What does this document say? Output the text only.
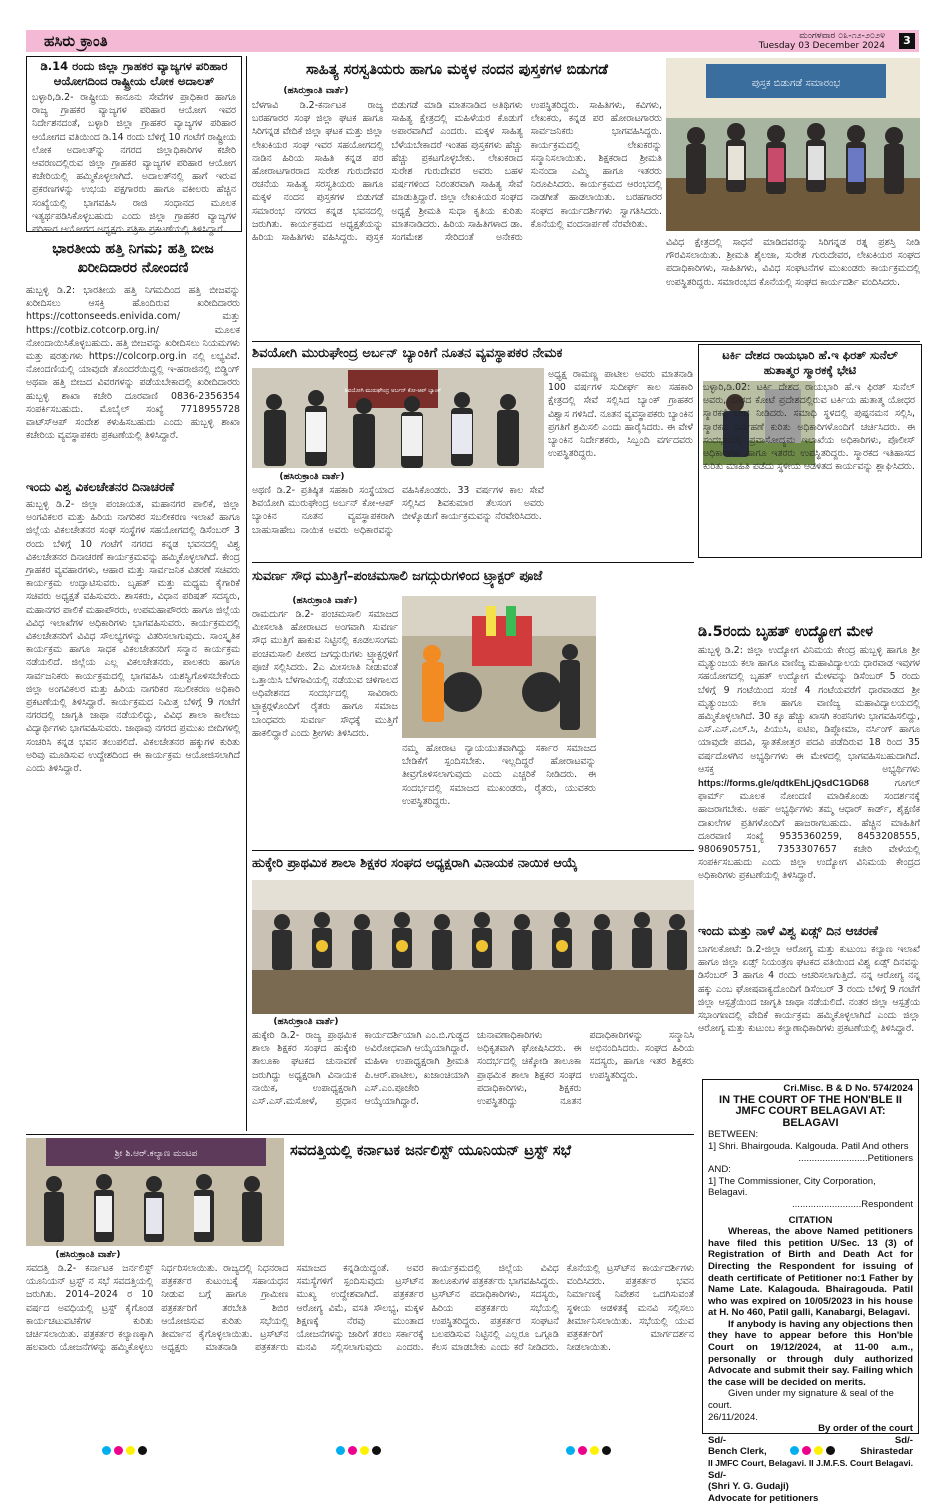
ಹಸಿರು ಕ್ರಾಂತಿ	ಮಂಗಳವಾರ ೦೩-೧೨-೨೦೨೪
Tuesday 03 December 2024	3
ಡಿ.14 ರಂದು ಜಿಲ್ಲಾ ಗ್ರಾಹಕರ ವ್ಯಾಜ್ಯಗಳ ಪರಿಹಾರ ಆಯೋಗದಿಂದ ರಾಷ್ಟ್ರೀಯ ಲೋಕ ಅದಾಲತ್
ಬಳ್ಳಾರಿ,ಡಿ.2- ರಾಷ್ಟ್ರೀಯ ಕಾನೂನು ಸೇವೆಗಳ ಪ್ರಾಧಿಕಾರ ಹಾಗೂ ರಾಜ್ಯ ಗ್ರಾಹಕರ ವ್ಯಾಜ್ಯಗಳ ಪರಿಹಾರ ಆಯೋಗ ಇವರ ನಿರ್ದೇಶನದಂತೆ, ಬಳ್ಳಾರಿ ಜಿಲ್ಲಾ ಗ್ರಾಹಕರ ವ್ಯಾಜ್ಯಗಳ ಪರಿಹಾರ ಆಯೋಗದ ವತಿಯಿಂದ ಡಿ.14 ರಂದು ಬೆಳಿಗ್ಗೆ 10 ಗಂಟೆಗೆ ರಾಷ್ಟ್ರೀಯ ಲೋಕ ಅದಾಲತ್‍ನ್ನು ನಗರದ ಜಿಲ್ಲಾಧಿಕಾರಿಗಳ ಕಚೇರಿ ಆವರಣದಲ್ಲಿರುವ ಜಿಲ್ಲಾ ಗ್ರಾಹಕರ ವ್ಯಾಜ್ಯಗಳ ಪರಿಹಾರ ಆಯೋಗ ಕಚೇರಿಯಲ್ಲಿ ಹಮ್ಮಿಕೊಳ್ಳಲಾಗಿದೆ. ಅದಾಲತ್‍ನಲ್ಲಿ ಹಾಗೆ ಇರುವ ಪ್ರಕರಣಗಳನ್ನು ಉಭಯ ಪಕ್ಷಗಾರರು ಹಾಗೂ ವಕೀಲರು ಹೆಚ್ಚಿನ ಸಂಖ್ಯೆಯಲ್ಲಿ ಭಾಗವಹಿಸಿ ರಾಜಿ ಸಂಧಾನದ ಮೂಲಕ ಇತ್ಯರ್ಥಪಡಿಸಿಕೊಳ್ಳಬಹುದು ಎಂದು ಜಿಲ್ಲಾ ಗ್ರಾಹಕರ ವ್ಯಾಜ್ಯಗಳ ಪರಿಹಾರ ಆಯೋಗದ ಅಧ್ಯಕ್ಷರು ಪತ್ರಿಕಾ ಪ್ರಕಟಣೆಯಲ್ಲಿ ತಿಳಿಸಿದ್ದಾರೆ.
ಭಾರತೀಯ ಹತ್ತಿ ನಿಗಮ; ಹತ್ತಿ ಬೀಜ ಖರೀದಿದಾರರ ನೋಂದಣಿ
ಹುಬ್ಬಳ್ಳಿ ಡಿ.2: ಭಾರತೀಯ ಹತ್ತಿ ನಿಗಮದಿಂದ ಹತ್ತಿ ಬೀಜವನ್ನು ಖರೀದಿಸಲು ಆಸಕ್ತಿ ಹೊಂದಿರುವ ಖರೀದಿದಾರರು https://cottonseeds.enivida.com/ ಮತ್ತು https://cotbiz.cotcorp.org.in/ ಮೂಲಕ ನೋಂದಾಯಿಸಿಕೊಳ್ಳಬಹುದು. ಹತ್ತಿ ಬೀಜವನ್ನು ಖರೀದಿಸಲು ನಿಯಮಗಳು ಮತ್ತು ಷರತ್ತುಗಳು https://colcorp.org.in ನಲ್ಲಿ ಲಭ್ಯವಿವೆ. ನೋಂದಣಿಯಲ್ಲಿ ಯಾವುದೇ ತೊಂದರೆಯಿದ್ದಲ್ಲಿ ಇ-ಹರಾಜಿನಲ್ಲಿ ಬಿಡ್ಡಿಂಗ್ ಅಥವಾ ಹತ್ತಿ ಬೀಜದ ವಿವರಗಳನ್ನು ಪಡೆಯಬೇಕಾದಲ್ಲಿ ಖರೀದಿದಾರರು ಹುಬ್ಬಳ್ಳಿ ಶಾಖಾ ಕಚೇರಿ ದೂರವಾಣಿ 0836-2356354 ಸಂಪರ್ಕಿಸಬಹುದು. ಮೊಬೈಲ್ ಸಂಖ್ಯೆ 7718955728 ವಾಟ್ಸ್‍ಆಪ್ ಸಂದೇಶ ಕಳುಹಿಸಬಹುದು ಎಂದು ಹುಬ್ಬಳ್ಳಿ ಶಾಖಾ ಕಚೇರಿಯ ವ್ಯವಸ್ಥಾಪಕರು ಪ್ರಕಟಣೆಯಲ್ಲಿ ತಿಳಿಸಿದ್ದಾರೆ.
ಇಂದು ವಿಶ್ವ ವಿಕಲಚೇತನರ ದಿನಾಚರಣೆ
ಹುಬ್ಬಳ್ಳಿ ಡಿ.2- ಜಿಲ್ಲಾ ಪಂಚಾಯತ, ಮಹಾನಗರ ಪಾಲಿಕೆ, ಜಿಲ್ಲಾ ಅಂಗವಿಕಲರ ಮತ್ತು ಹಿರಿಯ ನಾಗರಿಕರ ಸಬಲೀಕರಣ ಇಲಾಖೆ ಹಾಗೂ ಜಿಲ್ಲೆಯ ವಿಕಲಚೇತನರ ಸಂಘ ಸಂಸ್ಥೆಗಳ ಸಹಯೋಗದಲ್ಲಿ ಡಿಸೆಂಬರ್ 3 ರಂದು ಬೆಳಿಗ್ಗೆ 10 ಗಂಟೆಗೆ ನಗರದ ಕನ್ನಡ ಭವನದಲ್ಲಿ ವಿಶ್ವ ವಿಕಲಚೇತನರ ದಿನಾಚರಣೆ ಕಾರ್ಯಕ್ರಮವನ್ನು ಹಮ್ಮಿಕೊಳ್ಳಲಾಗಿದೆ. ಕೇಂದ್ರ ಗ್ರಾಹಕರ ವ್ಯವಹಾರಗಳು, ಆಹಾರ ಮತ್ತು ಸಾರ್ವಜನಿಕ ವಿತರಣೆ ಸಚಿವರು ಕಾರ್ಯಕ್ರಮ ಉದ್ಘಾಟಿಸುವರು. ಬೃಹತ್ ಮತ್ತು ಮಧ್ಯಮ ಕೈಗಾರಿಕೆ ಸಚಿವರು ಅಧ್ಯಕ್ಷತೆ ವಹಿಸುವರು. ಶಾಸಕರು, ವಿಧಾನ ಪರಿಷತ್ ಸದಸ್ಯರು, ಮಹಾನಗರ ಪಾಲಿಕೆ ಮಹಾಪೌರರು, ಉಪಮಹಾಪೌರರು ಹಾಗೂ ಜಿಲ್ಲೆಯ ವಿವಿಧ ಇಲಾಖೆಗಳ ಅಧಿಕಾರಿಗಳು ಭಾಗವಹಿಸುವರು. ಕಾರ್ಯಕ್ರಮದಲ್ಲಿ ವಿಕಲಚೇತನರಿಗೆ ವಿವಿಧ ಸೌಲಭ್ಯಗಳನ್ನು ವಿತರಿಸಲಾಗುವುದು. ಸಾಂಸ್ಕೃತಿಕ ಕಾರ್ಯಕ್ರಮ ಹಾಗೂ ಸಾಧಕ ವಿಕಲಚೇತನರಿಗೆ ಸನ್ಮಾನ ಕಾರ್ಯಕ್ರಮ ನಡೆಯಲಿದೆ. ಜಿಲ್ಲೆಯ ಎಲ್ಲ ವಿಕಲಚೇತನರು, ಪಾಲಕರು ಹಾಗೂ ಸಾರ್ವಜನಿಕರು ಕಾರ್ಯಕ್ರಮದಲ್ಲಿ ಭಾಗವಹಿಸಿ ಯಶಸ್ವಿಗೊಳಿಸಬೇಕೆಂದು ಜಿಲ್ಲಾ ಅಂಗವಿಕಲರ ಮತ್ತು ಹಿರಿಯ ನಾಗರಿಕರ ಸಬಲೀಕರಣ ಅಧಿಕಾರಿ ಪ್ರಕಟಣೆಯಲ್ಲಿ ತಿಳಿಸಿದ್ದಾರೆ. ಕಾರ್ಯಕ್ರಮದ ನಿಮಿತ್ತ ಬೆಳಿಗ್ಗೆ 9 ಗಂಟೆಗೆ ನಗರದಲ್ಲಿ ಜಾಗೃತಿ ಜಾಥಾ ನಡೆಯಲಿದ್ದು, ವಿವಿಧ ಶಾಲಾ ಕಾಲೇಜು ವಿದ್ಯಾರ್ಥಿಗಳು ಭಾಗವಹಿಸುವರು. ಜಾಥಾವು ನಗರದ ಪ್ರಮುಖ ಬೀದಿಗಳಲ್ಲಿ ಸಂಚರಿಸಿ ಕನ್ನಡ ಭವನ ತಲುಪಲಿದೆ. ವಿಕಲಚೇತನರ ಹಕ್ಕುಗಳ ಕುರಿತು ಅರಿವು ಮೂಡಿಸುವ ಉದ್ದೇಶದಿಂದ ಈ ಕಾರ್ಯಕ್ರಮ ಆಯೋಜಿಸಲಾಗಿದೆ ಎಂದು ತಿಳಿಸಿದ್ದಾರೆ.
ಸಾಹಿತ್ಯ ಸರಸ್ವತಿಯರು ಹಾಗೂ ಮಕ್ಕಳ ನಂದನ ಪುಸ್ತಕಗಳ ಬಿಡುಗಡೆ
(ಹಸಿರುಕ್ರಾಂತಿ ವಾರ್ತೆ)
ಬೆಳಗಾವಿ ಡಿ.2-ಕರ್ನಾಟಕ ರಾಜ್ಯ ಬರಹಗಾರರ ಸಂಘ ಜಿಲ್ಲಾ ಘಟಕ ಹಾಗೂ ಸಿರಿಗನ್ನಡ ವೇದಿಕೆ ಜಿಲ್ಲಾ ಘಟಕ ಮತ್ತು ಜಿಲ್ಲಾ ಲೇಖಕಿಯರ ಸಂಘ ಇವರ ಸಹಯೋಗದಲ್ಲಿ ನಾಡಿನ ಹಿರಿಯ ಸಾಹಿತಿ ಕನ್ನಡ ಪರ ಹೋರಾಟಗಾರರಾದ ಸುರೇಶ ಗುರುದೇವರ ರಚನೆಯ ಸಾಹಿತ್ಯ ಸರಸ್ವತಿಯರು ಹಾಗೂ ಮಕ್ಕಳ ನಂದನ ಪುಸ್ತಕಗಳ ಬಿಡುಗಡೆ ಸಮಾರಂಭ ನಗರದ ಕನ್ನಡ ಭವನದಲ್ಲಿ ಜರುಗಿತು. ಕಾರ್ಯಕ್ರಮದ ಅಧ್ಯಕ್ಷತೆಯನ್ನು ಹಿರಿಯ ಸಾಹಿತಿಗಳು ವಹಿಸಿದ್ದರು. ಪುಸ್ತಕ ಬಿಡುಗಡೆ ಮಾಡಿ ಮಾತನಾಡಿದ ಅತಿಥಿಗಳು ಸಾಹಿತ್ಯ ಕ್ಷೇತ್ರದಲ್ಲಿ ಮಹಿಳೆಯರ ಕೊಡುಗೆ ಅಪಾರವಾಗಿದೆ ಎಂದರು. ಮಕ್ಕಳ ಸಾಹಿತ್ಯ ಬೆಳೆಯಬೇಕಾದರೆ ಇಂತಹ ಪುಸ್ತಕಗಳು ಹೆಚ್ಚು ಹೆಚ್ಚು ಪ್ರಕಟಗೊಳ್ಳಬೇಕು. ಲೇಖಕರಾದ ಸುರೇಶ ಗುರುದೇವರ ಅವರು ಬಹಳ ವರ್ಷಗಳಿಂದ ನಿರಂತರವಾಗಿ ಸಾಹಿತ್ಯ ಸೇವೆ ಮಾಡುತ್ತಿದ್ದಾರೆ. ಜಿಲ್ಲಾ ಲೇಖಕಿಯರ ಸಂಘದ ಅಧ್ಯಕ್ಷೆ ಶ್ರೀಮತಿ ಸುಧಾ ಕೃತಿಯ ಕುರಿತು ಮಾತನಾಡಿದರು. ಹಿರಿಯ ಸಾಹಿತಿಗಳಾದ ಡಾ. ಸಂಗಮೇಶ ಸೇರಿದಂತೆ ಅನೇಕರು ಉಪಸ್ಥಿತರಿದ್ದರು. ಸಾಹಿತಿಗಳು, ಕವಿಗಳು, ಲೇಖಕರು, ಕನ್ನಡ ಪರ ಹೋರಾಟಗಾರರು ಸಾರ್ವಜನಿಕರು ಭಾಗವಹಿಸಿದ್ದರು. ಕಾರ್ಯಕ್ರಮದಲ್ಲಿ ಲೇಖಕರನ್ನು ಸನ್ಮಾನಿಸಲಾಯಿತು. ಶಿಕ್ಷಕರಾದ ಶ್ರೀಮತಿ ಸುನಂದಾ ಎಮ್ಮಿ ಹಾಗೂ ಇತರರು ನಿರೂಪಿಸಿದರು. ಕಾರ್ಯಕ್ರಮದ ಆರಂಭದಲ್ಲಿ ನಾಡಗೀತೆ ಹಾಡಲಾಯಿತು. ಬರಹಗಾರರ ಸಂಘದ ಕಾರ್ಯದರ್ಶಿಗಳು ಸ್ವಾಗತಿಸಿದರು. ಕೊನೆಯಲ್ಲಿ ವಂದನಾರ್ಪಣೆ ನೆರವೇರಿತು.
ಪುಸ್ತಕ ಬಿಡುಗಡೆ ಸಮಾರಂಭ
ವಿವಿಧ ಕ್ಷೇತ್ರದಲ್ಲಿ ಸಾಧನೆ ಮಾಡಿದವರನ್ನು ಸಿರಿಗನ್ನಡ ರತ್ನ ಪ್ರಶಸ್ತಿ ನೀಡಿ ಗೌರವಿಸಲಾಯಿತು. ಶ್ರೀಮತಿ ಶೈಲಜಾ, ಸುರೇಶ ಗುರುದೇವರ, ಲೇಖಕಿಯರ ಸಂಘದ ಪದಾಧಿಕಾರಿಗಳು, ಸಾಹಿತಿಗಳು, ವಿವಿಧ ಸಂಘಟನೆಗಳ ಮುಖಂಡರು ಕಾರ್ಯಕ್ರಮದಲ್ಲಿ ಉಪಸ್ಥಿತರಿದ್ದರು. ಸಮಾರಂಭದ ಕೊನೆಯಲ್ಲಿ ಸಂಘದ ಕಾರ್ಯದರ್ಶಿ ವಂದಿಸಿದರು.
ಶಿವಯೋಗಿ ಮುರುಘೇಂದ್ರ ಅರ್ಬನ್ ಬ್ಯಾಂಕಿಗೆ ನೂತನ ವ್ಯವಸ್ಥಾಪಕರ ನೇಮಕ
ಶಿವಯೋಗಿ ಮುರುಘೇಂದ್ರ ಅರ್ಬನ್ ಕೋ-ಆಪ್ ಬ್ಯಾಂಕ್
(ಹಸಿರುಕ್ರಾಂತಿ ವಾರ್ತೆ)
ಅಥಣಿ ಡಿ.2- ಪ್ರತಿಷ್ಠಿತ ಸಹಕಾರಿ ಸಂಸ್ಥೆಯಾದ ಶಿವಯೋಗಿ ಮುರುಘೇಂದ್ರ ಅರ್ಬನ್ ಕೋ-ಆಪ್ ಬ್ಯಾಂಕಿನ ನೂತನ ವ್ಯವಸ್ಥಾಪಕರಾಗಿ ಬಾಹುಸಾಹೇಬ ನಾಯಿಕ ಅವರು ಅಧಿಕಾರವನ್ನು ವಹಿಸಿಕೊಂಡರು. 33 ವರ್ಷಗಳ ಕಾಲ ಸೇವೆ ಸಲ್ಲಿಸಿದ ಶಿವಕುಮಾರ ತೆಲಸಂಗ ಅವರು ಬೀಳ್ಕೊಡುಗೆ ಕಾರ್ಯಕ್ರಮವನ್ನು ನೆರವೇರಿಸಿದರು.
ಅಧ್ಯಕ್ಷ ರಾಮಣ್ಣ ಪಾಟೀಲ ಅವರು ಮಾತನಾಡಿ 100 ವರ್ಷಗಳ ಸುದೀರ್ಘ ಕಾಲ ಸಹಕಾರಿ ಕ್ಷೇತ್ರದಲ್ಲಿ ಸೇವೆ ಸಲ್ಲಿಸಿದ ಬ್ಯಾಂಕ್ ಗ್ರಾಹಕರ ವಿಶ್ವಾಸ ಗಳಿಸಿದೆ. ನೂತನ ವ್ಯವಸ್ಥಾಪಕರು ಬ್ಯಾಂಕಿನ ಪ್ರಗತಿಗೆ ಶ್ರಮಿಸಲಿ ಎಂದು ಹಾರೈಸಿದರು. ಈ ವೇಳೆ ಬ್ಯಾಂಕಿನ ನಿರ್ದೇಶಕರು, ಸಿಬ್ಬಂದಿ ವರ್ಗದವರು ಉಪಸ್ಥಿತರಿದ್ದರು.
ಸುವರ್ಣ ಸೌಧ ಮುತ್ತಿಗೆ–ಪಂಚಮಸಾಲಿ ಜಗದ್ಗುರುಗಳಿಂದ ಟ್ರ್ಯಾಕ್ಟರ್ ಪೂಜೆ
(ಹಸಿರುಕ್ರಾಂತಿ ವಾರ್ತೆ)
ರಾಮದುರ್ಗ ಡಿ.2- ಪಂಚಮಸಾಲಿ ಸಮಾಜದ ಮೀಸಲಾತಿ ಹೋರಾಟದ ಅಂಗವಾಗಿ ಸುವರ್ಣ ಸೌಧ ಮುತ್ತಿಗೆ ಹಾಕುವ ನಿಟ್ಟಿನಲ್ಲಿ ಕೂಡಲಸಂಗಮ ಪಂಚಮಸಾಲಿ ಪೀಠದ ಜಗದ್ಗುರುಗಳು ಟ್ರ್ಯಾಕ್ಟರ್‍ಗಳಿಗೆ ಪೂಜೆ ಸಲ್ಲಿಸಿದರು. 2ಎ ಮೀಸಲಾತಿ ನೀಡುವಂತೆ ಒತ್ತಾಯಿಸಿ ಬೆಳಗಾವಿಯಲ್ಲಿ ನಡೆಯುವ ಚಳಿಗಾಲದ ಅಧಿವೇಶನದ ಸಂದರ್ಭದಲ್ಲಿ ಸಾವಿರಾರು ಟ್ರ್ಯಾಕ್ಟರ್‍ಗಳೊಂದಿಗೆ ರೈತರು ಹಾಗೂ ಸಮಾಜ ಬಾಂಧವರು ಸುವರ್ಣ ಸೌಧಕ್ಕೆ ಮುತ್ತಿಗೆ ಹಾಕಲಿದ್ದಾರೆ ಎಂದು ಶ್ರೀಗಳು ತಿಳಿಸಿದರು.
ನಮ್ಮ ಹೋರಾಟ ನ್ಯಾಯಯುತವಾಗಿದ್ದು ಸರ್ಕಾರ ಸಮಾಜದ ಬೇಡಿಕೆಗೆ ಸ್ಪಂದಿಸಬೇಕು. ಇಲ್ಲದಿದ್ದರೆ ಹೋರಾಟವನ್ನು ತೀವ್ರಗೊಳಿಸಲಾಗುವುದು ಎಂದು ಎಚ್ಚರಿಕೆ ನೀಡಿದರು. ಈ ಸಂದರ್ಭದಲ್ಲಿ ಸಮಾಜದ ಮುಖಂಡರು, ರೈತರು, ಯುವಕರು ಉಪಸ್ಥಿತರಿದ್ದರು.
ಟರ್ಕಿ ದೇಶದ ರಾಯಭಾರಿ ಹೆ.ಇ ಫಿರತ್ ಸುನೆಲ್ ಹುತಾತ್ಮರ ಸ್ಮಾರಕಕ್ಕೆ ಭೇಟಿ
ಬಳ್ಳಾರಿ,ಡಿ.02: ಟರ್ಕಿ ದೇಶದ ರಾಯಭಾರಿ ಹೆ.ಇ ಫಿರತ್ ಸುನೆಲ್ ಅವರು, ನಗರದ ಕೋಟೆ ಪ್ರದೇಶದಲ್ಲಿರುವ ಟರ್ಕಿಯ ಹುತಾತ್ಮ ಯೋಧರ ಸ್ಮಾರಕಕ್ಕೆ ಭೇಟಿ ನೀಡಿದರು. ಸಮಾಧಿ ಸ್ಥಳದಲ್ಲಿ ಪುಷ್ಪನಮನ ಸಲ್ಲಿಸಿ, ಸ್ಮಾರಕದ ನಿರ್ವಹಣೆ ಕುರಿತು ಅಧಿಕಾರಿಗಳೊಂದಿಗೆ ಚರ್ಚಿಸಿದರು. ಈ ಸಂದರ್ಭದಲ್ಲಿ ಪ್ರವಾಸೋದ್ಯಮ ಇಲಾಖೆಯ ಅಧಿಕಾರಿಗಳು, ಪೊಲೀಸ್ ಅಧಿಕಾರಿಗಳು ಹಾಗೂ ಇತರರು ಉಪಸ್ಥಿತರಿದ್ದರು. ಸ್ಮಾರಕದ ಇತಿಹಾಸದ ಕುರಿತು ಮಾಹಿತಿ ಪಡೆದು ಸ್ಥಳೀಯ ಆಡಳಿತದ ಕಾರ್ಯವನ್ನು ಶ್ಲಾಘಿಸಿದರು.
ಡಿ.5ರಂದು ಬೃಹತ್ ಉದ್ಯೋಗ ಮೇಳ
ಹುಬ್ಬಳ್ಳಿ ಡಿ.2: ಜಿಲ್ಲಾ ಉದ್ಯೋಗ ವಿನಿಮಯ ಕೇಂದ್ರ ಹುಬ್ಬಳ್ಳಿ ಹಾಗೂ ಶ್ರೀ ಮೃತ್ಯುಂಜಯ ಕಲಾ ಹಾಗೂ ವಾಣಿಜ್ಯ ಮಹಾವಿದ್ಯಾಲಯ ಧಾರವಾಡ ಇವುಗಳ ಸಹಯೋಗದಲ್ಲಿ ಬೃಹತ್ ಉದ್ಯೋಗ ಮೇಳವನ್ನು ಡಿಸೆಂಬರ್ 5 ರಂದು ಬೆಳಿಗ್ಗೆ 9 ಗಂಟೆಯಿಂದ ಸಂಜೆ 4 ಗಂಟೆಯವರೆಗೆ ಧಾರವಾಡದ ಶ್ರೀ ಮೃತ್ಯುಂಜಯ ಕಲಾ ಹಾಗೂ ವಾಣಿಜ್ಯ ಮಹಾವಿದ್ಯಾಲಯದಲ್ಲಿ ಹಮ್ಮಿಕೊಳ್ಳಲಾಗಿದೆ. 30 ಕ್ಕೂ ಹೆಚ್ಚು ಖಾಸಗಿ ಕಂಪನಿಗಳು ಭಾಗವಹಿಸಲಿದ್ದು, ಎಸ್.ಎಸ್.ಎಲ್.ಸಿ, ಪಿಯುಸಿ, ಐಟಿಐ, ಡಿಪ್ಲೋಮಾ, ನರ್ಸಿಂಗ್ ಹಾಗೂ ಯಾವುದೇ ಪದವಿ, ಸ್ನಾತಕೋತ್ತರ ಪದವಿ ಪಡೆದಿರುವ 18 ರಿಂದ 35 ವರ್ಷದೊಳಗಿನ ಅಭ್ಯರ್ಥಿಗಳು ಈ ಮೇಳದಲ್ಲಿ ಭಾಗವಹಿಸಬಹುದಾಗಿದೆ. ಆಸಕ್ತ ಅಭ್ಯರ್ಥಿಗಳು https://forms.gle/qdtkEhLjQsdC1GD68	ಗೂಗಲ್ ಫಾರ್ಮ್ ಮೂಲಕ ನೋಂದಣಿ ಮಾಡಿಕೊಂಡು ಸಂದರ್ಶನಕ್ಕೆ ಹಾಜರಾಗಬೇಕು. ಅರ್ಹ ಅಭ್ಯರ್ಥಿಗಳು ತಮ್ಮ ಆಧಾರ್ ಕಾರ್ಡ್, ಶೈಕ್ಷಣಿಕ ದಾಖಲೆಗಳ ಪ್ರತಿಗಳೊಂದಿಗೆ ಹಾಜರಾಗಬಹುದು. ಹೆಚ್ಚಿನ ಮಾಹಿತಿಗೆ ದೂರವಾಣಿ ಸಂಖ್ಯೆ 9535360259, 8453208555, 9806905751, 7353307657 ಕಚೇರಿ ವೇಳೆಯಲ್ಲಿ ಸಂಪರ್ಕಿಸಬಹುದು ಎಂದು ಜಿಲ್ಲಾ ಉದ್ಯೋಗ ವಿನಿಮಯ ಕೇಂದ್ರದ ಅಧಿಕಾರಿಗಳು ಪ್ರಕಟಣೆಯಲ್ಲಿ ತಿಳಿಸಿದ್ದಾರೆ.
ಇಂದು ಮತ್ತು ನಾಳೆ ವಿಶ್ವ ಏಡ್ಸ್ ದಿನ ಆಚರಣೆ
ಬಾಗಲಕೋಟೆ: ಡಿ.2-ಜಿಲ್ಲಾ ಆರೋಗ್ಯ ಮತ್ತು ಕುಟುಂಬ ಕಲ್ಯಾಣ ಇಲಾಖೆ ಹಾಗೂ ಜಿಲ್ಲಾ ಏಡ್ಸ್ ನಿಯಂತ್ರಣ ಘಟಕದ ವತಿಯಿಂದ ವಿಶ್ವ ಏಡ್ಸ್ ದಿನವನ್ನು ಡಿಸೆಂಬರ್ 3 ಹಾಗೂ 4 ರಂದು ಆಚರಿಸಲಾಗುತ್ತಿದೆ. ನನ್ನ ಆರೋಗ್ಯ ನನ್ನ ಹಕ್ಕು ಎಂಬ ಘೋಷವಾಕ್ಯದೊಂದಿಗೆ ಡಿಸೆಂಬರ್ 3 ರಂದು ಬೆಳಿಗ್ಗೆ 9 ಗಂಟೆಗೆ ಜಿಲ್ಲಾ ಆಸ್ಪತ್ರೆಯಿಂದ ಜಾಗೃತಿ ಜಾಥಾ ನಡೆಯಲಿದೆ. ನಂತರ ಜಿಲ್ಲಾ ಆಸ್ಪತ್ರೆಯ ಸಭಾಂಗಣದಲ್ಲಿ ವೇದಿಕೆ ಕಾರ್ಯಕ್ರಮ ಹಮ್ಮಿಕೊಳ್ಳಲಾಗಿದೆ ಎಂದು ಜಿಲ್ಲಾ ಆರೋಗ್ಯ ಮತ್ತು ಕುಟುಂಬ ಕಲ್ಯಾಣಾಧಿಕಾರಿಗಳು ಪ್ರಕಟಣೆಯಲ್ಲಿ ತಿಳಿಸಿದ್ದಾರೆ.
ಹುಕ್ಕೇರಿ ಪ್ರಾಥಮಿಕ ಶಾಲಾ ಶಿಕ್ಷಕರ ಸಂಘದ ಅಧ್ಯಕ್ಷರಾಗಿ ವಿನಾಯಕ ನಾಯಿಕ ಆಯ್ಕೆ
(ಹಸಿರುಕ್ರಾಂತಿ ವಾರ್ತೆ)
ಹುಕ್ಕೇರಿ ಡಿ.2- ರಾಜ್ಯ ಪ್ರಾಥಮಿಕ ಶಾಲಾ ಶಿಕ್ಷಕರ ಸಂಘದ ಹುಕ್ಕೇರಿ ತಾಲೂಕಾ ಘಟಕದ ಚುನಾವಣೆ ಜರುಗಿದ್ದು ಅಧ್ಯಕ್ಷರಾಗಿ ವಿನಾಯಕ ನಾಯಿಕ, ಉಪಾಧ್ಯಕ್ಷರಾಗಿ ಎಸ್.ಎಸ್.ಮಸೋಳೆ, ಪ್ರಧಾನ ಕಾರ್ಯದರ್ಶಿಯಾಗಿ ಎಂ.ಬಿ.ಗುಡ್ಡದ ಅವಿರೋಧವಾಗಿ ಆಯ್ಕೆಯಾಗಿದ್ದಾರೆ. ಮಹಿಳಾ ಉಪಾಧ್ಯಕ್ಷರಾಗಿ ಶ್ರೀಮತಿ ಪಿ.ಆರ್.ಪಾಟೀಲ, ಖಜಾಂಚಿಯಾಗಿ ಎಸ್.ಎಂ.ಪೂಜೇರಿ ಆಯ್ಕೆಯಾಗಿದ್ದಾರೆ. ಚುನಾವಣಾಧಿಕಾರಿಗಳು ಅಧಿಕೃತವಾಗಿ ಘೋಷಿಸಿದರು. ಈ ಸಂದರ್ಭದಲ್ಲಿ ಚಿಕ್ಕೋಡಿ ತಾಲೂಕಾ ಪ್ರಾಥಮಿಕ ಶಾಲಾ ಶಿಕ್ಷಕರ ಸಂಘದ ಪದಾಧಿಕಾರಿಗಳು, ಶಿಕ್ಷಕರು ಉಪಸ್ಥಿತರಿದ್ದು ನೂತನ ಪದಾಧಿಕಾರಿಗಳನ್ನು ಸನ್ಮಾನಿಸಿ ಅಭಿನಂದಿಸಿದರು. ಸಂಘದ ಹಿರಿಯ ಸದಸ್ಯರು, ಹಾಗೂ ಇತರ ಶಿಕ್ಷಕರು ಉಪಸ್ಥಿತರಿದ್ದರು.
ಶ್ರೀ ಶಿ.ಆರ್.ಕಲ್ಯಾಣ ಮಂಟಪ	ಸವದತ್ತಿಯಲ್ಲಿ ಕರ್ನಾಟಕ ಜರ್ನಲಿಸ್ಟ್ ಯೂನಿಯನ್ ಟ್ರಸ್ಟ್ ಸಭೆ
(ಹಸಿರುಕ್ರಾಂತಿ ವಾರ್ತೆ)
ಸವದತ್ತಿ ಡಿ.2- ಕರ್ನಾಟಕ ಜರ್ನಲಿಸ್ಟ್ ಯೂನಿಯನ್ ಟ್ರಸ್ಟ್ ನ ಸಭೆ ಸವದತ್ತಿಯಲ್ಲಿ ಜರುಗಿತು. 2014–2024 ರ 10 ವರ್ಷದ ಅವಧಿಯಲ್ಲಿ ಟ್ರಸ್ಟ್ ಕೈಗೊಂಡ ಕಾರ್ಯಚಟುವಟಿಕೆಗಳ ಕುರಿತು ಚರ್ಚಿಸಲಾಯಿತು. ಪತ್ರಕರ್ತರ ಕಲ್ಯಾಣಕ್ಕಾಗಿ ಹಲವಾರು ಯೋಜನೆಗಳನ್ನು ಹಮ್ಮಿಕೊಳ್ಳಲು ನಿರ್ಧರಿಸಲಾಯಿತು. ರಾಜ್ಯದಲ್ಲಿ ನಿಧನರಾದ ಪತ್ರಕರ್ತರ ಕುಟುಂಬಕ್ಕೆ ಸಹಾಯಧನ ನೀಡುವ ಬಗ್ಗೆ ಹಾಗೂ ಗ್ರಾಮೀಣ ಪತ್ರಕರ್ತರಿಗೆ ತರಬೇತಿ ಶಿಬಿರ ಆಯೋಜಿಸುವ ಕುರಿತು ಸಭೆಯಲ್ಲಿ ತೀರ್ಮಾನ ಕೈಗೊಳ್ಳಲಾಯಿತು. ಟ್ರಸ್ಟ್‍ನ ಅಧ್ಯಕ್ಷರು ಮಾತನಾಡಿ ಪತ್ರಕರ್ತರು ಸಮಾಜದ ಕನ್ನಡಿಯಿದ್ದಂತೆ. ಅವರ ಸಮಸ್ಯೆಗಳಿಗೆ ಸ್ಪಂದಿಸುವುದು ಟ್ರಸ್ಟ್‍ನ ಮುಖ್ಯ ಉದ್ದೇಶವಾಗಿದೆ. ಪತ್ರಕರ್ತರ ಆರೋಗ್ಯ ವಿಮೆ, ವಸತಿ ಸೌಲಭ್ಯ, ಮಕ್ಕಳ ಶಿಕ್ಷಣಕ್ಕೆ ನೆರವು ಮುಂತಾದ ಯೋಜನೆಗಳನ್ನು ಜಾರಿಗೆ ತರಲು ಸರ್ಕಾರಕ್ಕೆ ಮನವಿ ಸಲ್ಲಿಸಲಾಗುವುದು ಎಂದರು. ಕಾರ್ಯಕ್ರಮದಲ್ಲಿ ಜಿಲ್ಲೆಯ ವಿವಿಧ ತಾಲೂಕುಗಳ ಪತ್ರಕರ್ತರು ಭಾಗವಹಿಸಿದ್ದರು. ಟ್ರಸ್ಟ್‍ನ ಪದಾಧಿಕಾರಿಗಳು, ಸದಸ್ಯರು, ಹಿರಿಯ ಪತ್ರಕರ್ತರು ಸಭೆಯಲ್ಲಿ ಉಪಸ್ಥಿತರಿದ್ದರು. ಪತ್ರಕರ್ತರ ಸಂಘಟನೆ ಬಲಪಡಿಸುವ ನಿಟ್ಟಿನಲ್ಲಿ ಎಲ್ಲರೂ ಒಗ್ಗೂಡಿ ಕೆಲಸ ಮಾಡಬೇಕು ಎಂದು ಕರೆ ನೀಡಿದರು. ಕೊನೆಯಲ್ಲಿ ಟ್ರಸ್ಟ್‍ನ ಕಾರ್ಯದರ್ಶಿಗಳು ವಂದಿಸಿದರು. ಪತ್ರಕರ್ತರ ಭವನ ನಿರ್ಮಾಣಕ್ಕೆ ನಿವೇಶನ ಒದಗಿಸುವಂತೆ ಸ್ಥಳೀಯ ಆಡಳಿತಕ್ಕೆ ಮನವಿ ಸಲ್ಲಿಸಲು ತೀರ್ಮಾನಿಸಲಾಯಿತು. ಸಭೆಯಲ್ಲಿ ಯುವ ಪತ್ರಕರ್ತರಿಗೆ ಮಾರ್ಗದರ್ಶನ ನೀಡಲಾಯಿತು.
Cri.Misc. B & D No. 574/2024
IN THE COURT OF THE HON'BLE II
JMFC COURT BELAGAVI AT: BELAGAVI
BETWEEN:
1] Shri. Bhairgouda. Kalgouda. Patil And others
..........................Petitioners
AND:
1] The Commissioner, City Corporation, Belagavi.
..........................Respondent
CITATION
Whereas, the above Named petitioners have filed this petition U/Sec. 13 (3) of Registration of Birth and Death Act for Directing the Respondent for issuing of death certificate of Petitioner no:1 Father by Name Late. Kalagouda. Bhairagouda. Patil who was expired on 10/05/2023 in his house at H. No 460, Patil galli, Kanabargi, Belagavi.
If anybody is having any objections then they have to appear before this Hon'ble Court on 19/12/2024, at 11-00 a.m., personally or through duly authorized Advocate and submit their say. Failing which the case will be decided on merits.
Given under my signature & seal of the court.
26/11/2024.
By order of the court
Sd/-	Sd/-
Bench Clerk,	Shirastedar
II JMFC Court, Belagavi. II J.M.F.S. Court Belagavi.
Sd/-
(Shri Y. G. Gudaji)
Advocate for petitioners
